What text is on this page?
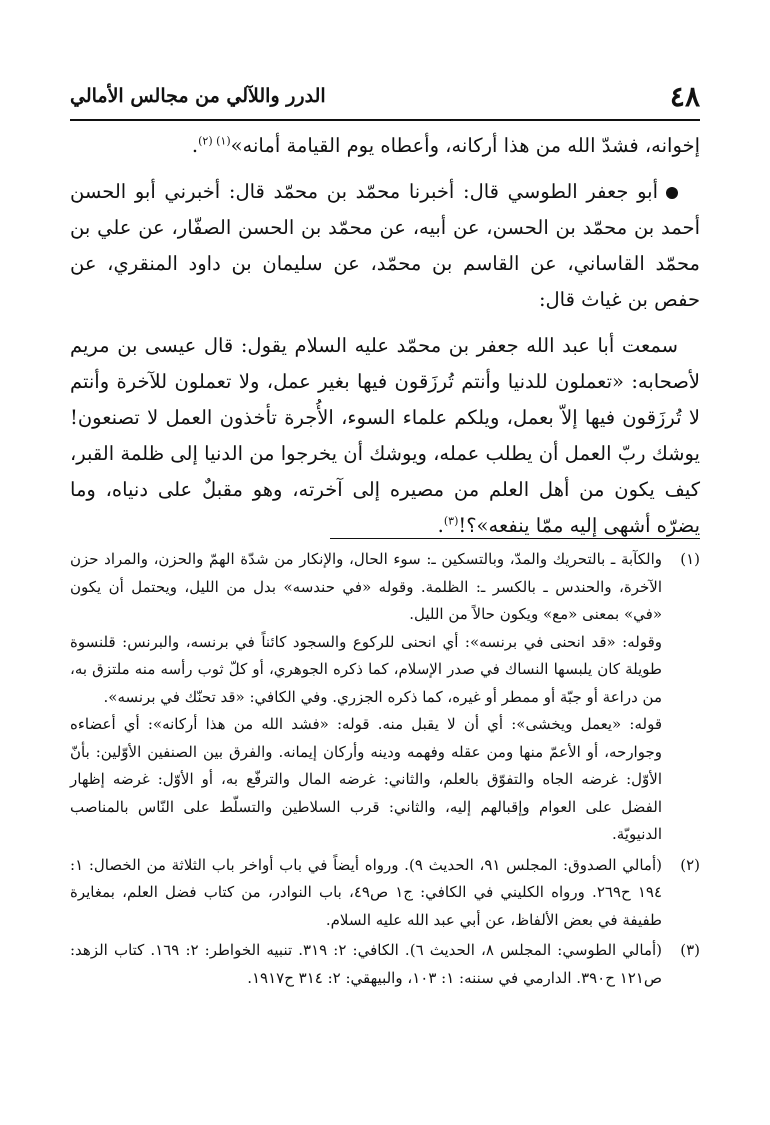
٤٨
الدرر واللآلي من مجالس الأمالي

إخوانه، فشدّ الله من هذا أركانه، وأعطاه يوم القيامة أمانه»$^{(١) (٢)}$.

أبو جعفر الطوسي قال: أخبرنا محمّد بن محمّد قال: أخبرني أبو الحسن أحمد بن محمّد بن الحسن، عن أبيه، عن محمّد بن الحسن الصفّار، عن علي بن محمّد القاساني، عن القاسم بن محمّد، عن سليمان بن داود المنقري، عن حفص بن غياث قال:

سمعت أبا عبد الله جعفر بن محمّد عليه السلام يقول: قال عيسى بن مريم لأصحابه: «تعملون للدنيا وأنتم تُرزَقون فيها بغير عمل، ولا تعملون للآخرة وأنتم لا تُرزَقون فيها إلاّ بعمل، ويلكم علماء السوء، الأُجرة تأخذون العمل لا تصنعون! يوشك ربّ العمل أن يطلب عمله، ويوشك أن يخرجوا من الدنيا إلى ظلمة القبر، كيف يكون من أهل العلم من مصيره إلى آخرته، وهو مقبلٌ على دنياه، وما يضرّه أشهى إليه ممّا ينفعه»؟!$^{(٣)}$.

(١)

والكآبة ـ بالتحريك والمدّ، وبالتسكين ـ: سوء الحال، والإنكار من شدّة الهمّ والحزن، والمراد حزن الآخرة، والحندس ـ بالكسر ـ: الظلمة. وقوله «في حندسه» بدل من الليل، ويحتمل أن يكون «في» بمعنى «مع» ويكون حالاً من الليل.

وقوله: «قد انحنى في برنسه»: أي انحنى للركوع والسجود كائناً في برنسه، والبرنس: قلنسوة طويلة كان يلبسها النساك في صدر الإسلام، كما ذكره الجوهري، أو كلّ ثوب رأسه منه ملتزق به، من دراعة أو جبّة أو ممطر أو غيره، كما ذكره الجزري. وفي الكافي: «قد تحنّك في برنسه».

قوله: «يعمل ويخشى»: أي أن لا يقبل منه. قوله: «فشد الله من هذا أركانه»: أي أعضاءه وجوارحه، أو الأعمّ منها ومن عقله وفهمه ودينه وأركان إيمانه. والفرق بين الصنفين الأوّلين: بأنّ الأوّل: غرضه الجاه والتفوّق بالعلم، والثاني: غرضه المال والترفّع به، أو الأوّل: غرضه إظهار الفضل على العوام وإقبالهم إليه، والثاني: قرب السلاطين والتسلّط على النّاس بالمناصب الدنيويّة.

(٢)

(أمالي الصدوق: المجلس ٩١، الحديث ٩). ورواه أيضاً في باب أواخر باب الثلاثة من الخصال: ١: ١٩٤ ح٢٦٩. ورواه الكليني في الكافي: ج١ ص٤٩، باب النوادر، من كتاب فضل العلم، بمغايرة طفيفة في بعض الألفاظ، عن أبي عبد الله عليه السلام.

(٣)

(أمالي الطوسي: المجلس ٨، الحديث ٦). الكافي: ٢: ٣١٩. تنبيه الخواطر: ٢: ١٦٩. كتاب الزهد: ص١٢١ ح٣٩٠. الدارمي في سننه: ١: ١٠٣، والبيهقي: ٢: ٣١٤ ح١٩١٧.
